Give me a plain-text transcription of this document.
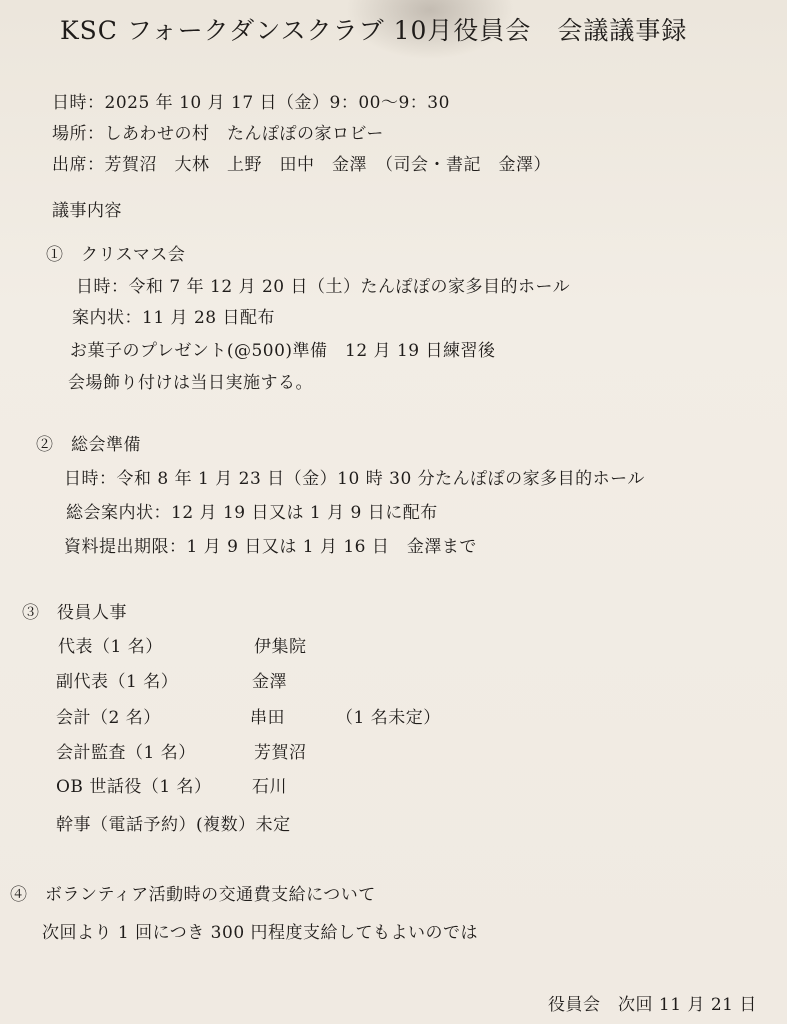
KSC フォークダンスクラブ 10月役員会　会議議事録
日時：2025 年 10 月 17 日（金）9：00～9：30
場所：しあわせの村　たんぽぽの家ロビー
出席：芳賀沼　大林　上野　田中　金澤　（司会・書記　金澤）
議事内容
①　クリスマス会
日時：令和 7 年 12 月 20 日（土）たんぽぽの家多目的ホール
案内状：11 月 28 日配布
お菓子のプレゼント(@500)準備　12 月 19 日練習後
会場飾り付けは当日実施する。
②　総会準備
日時：令和 8 年 1 月 23 日（金）10 時 30 分たんぽぽの家多目的ホール
総会案内状：12 月 19 日又は 1 月 9 日に配布
資料提出期限：1 月 9 日又は 1 月 16 日　金澤まで
③　役員人事
代表（1 名）	伊集院
副代表（1 名）	金澤
会計（2 名）	串田	（1 名未定）
会計監査（1 名）	芳賀沼
OB 世話役（1 名） 石川
幹事（電話予約）(複数）未定
④　ボランティア活動時の交通費支給について
次回より 1 回につき 300 円程度支給してもよいのでは
役員会　次回 11 月 21 日
